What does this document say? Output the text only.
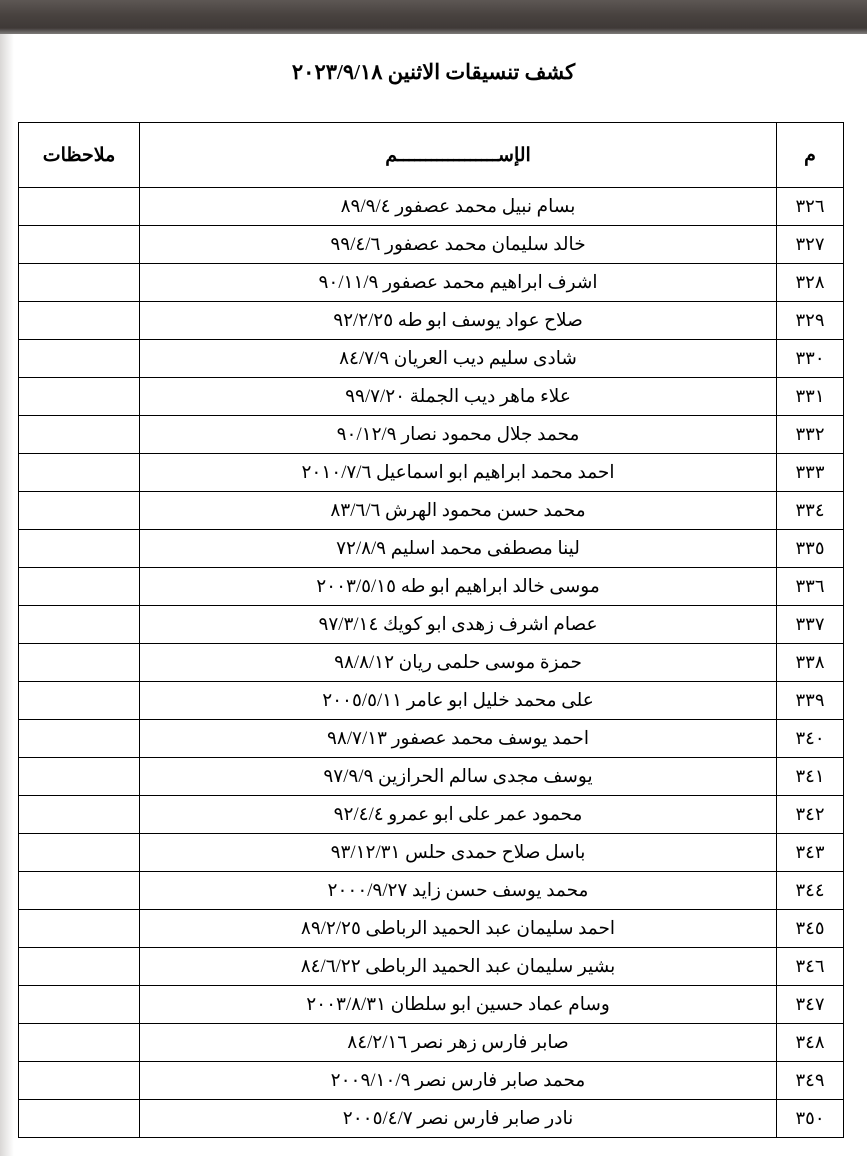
كشف تنسيقات الاثنين ٢٠٢٣/٩/١٨
م	الإســــــــــــــــــم	ملاحظات
٣٢٦	بسام نبيل محمد عصفور ٨٩/٩/٤	
٣٢٧	خالد سليمان محمد عصفور ٩٩/٤/٦	
٣٢٨	اشرف ابراهيم محمد عصفور ٩٠/١١/٩	
٣٢٩	صلاح عواد يوسف ابو طه ٩٢/٢/٢٥	
٣٣٠	شادى سليم ديب العريان ٨٤/٧/٩	
٣٣١	علاء ماهر ديب الجملة ٩٩/٧/٢٠	
٣٣٢	محمد جلال محمود نصار ٩٠/١٢/٩	
٣٣٣	احمد محمد ابراهيم ابو اسماعيل ٢٠١٠/٧/٦	
٣٣٤	محمد حسن محمود الهرش ٨٣/٦/٦	
٣٣٥	لينا مصطفى محمد اسليم ٧٢/٨/٩	
٣٣٦	موسى خالد ابراهيم ابو طه ٢٠٠٣/٥/١٥	
٣٣٧	عصام اشرف زهدى ابو كويك ٩٧/٣/١٤	
٣٣٨	حمزة موسى حلمى ريان ٩٨/٨/١٢	
٣٣٩	على محمد خليل ابو عامر ٢٠٠٥/٥/١١	
٣٤٠	احمد يوسف محمد عصفور ٩٨/٧/١٣	
٣٤١	يوسف مجدى سالم الحرازين ٩٧/٩/٩	
٣٤٢	محمود عمر على ابو عمرو ٩٢/٤/٤	
٣٤٣	باسل صلاح حمدى حلس ٩٣/١٢/٣١	
٣٤٤	محمد يوسف حسن زايد ٢٠٠٠/٩/٢٧	
٣٤٥	احمد سليمان عبد الحميد الرباطى ٨٩/٢/٢٥	
٣٤٦	بشير سليمان عبد الحميد الرباطى ٨٤/٦/٢٢	
٣٤٧	وسام عماد حسين ابو سلطان ٢٠٠٣/٨/٣١	
٣٤٨	صابر فارس زهر نصر ٨٤/٢/١٦	
٣٤٩	محمد صابر فارس نصر ٢٠٠٩/١٠/٩	
٣٥٠	نادر صابر فارس نصر ٢٠٠٥/٤/٧	
